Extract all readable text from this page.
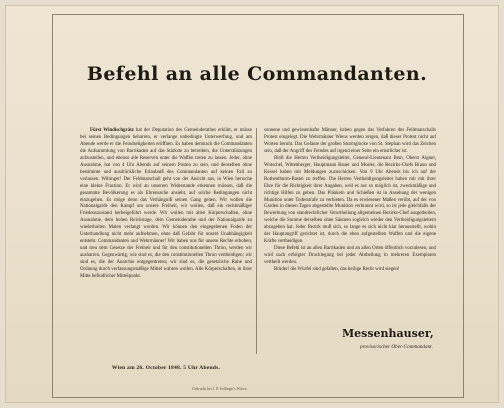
Befehl an alle Commandanten.

Fürst Windischgrätz hat der Deputation des Gemeinderathes erklärt, er müsse bei seinen Bedingungen beharren, er verlange unbedingte Unterwerfung, und am Abende werde er die Feindseligkeiten eröffnen. Es haben demnach die Commandanten die Aufsammlung von Barrikaden auf das Stärkste zu betreiben, die Unterstützungen aufzustellen, und ebenso alle Reserven unter die Waffen treten zu lassen. Jeder, ohne Ausnahme, hat von 4 Uhr Abends auf seinem Posten zu sein, und denselben ohne bestimmte und ausdrückliche Erlaubniß des Commandanten auf keinen Fall zu verlassen. Wiltinger! Der Feldmarschall geht von der Ansicht aus, in Wien herrsche eine kleine Fraction. Er wird an unserem Widerstande erkennen müssen, daß die gesammte Bevölkerung es als Ehrensache ansieht, auf solche Bedingungen nicht einzugehen. Es möge denn das Verhängniß seinen Gang gehen. Wir wollen die Nationalgarde den Kampf um unsere Freiheit, wir wollen, daß ein rechtmäßiger Friedenszustand herbeigeführt werde. Wir wollen mit allen Körperschaften, ohne Ausnahme, dem hohen Reichstage, dem Gemeinderathe und der Nationalgarde zu wiederholten Malen verlangt worden. Wir können den eingegebenen Foden der Unterhandlung nicht mehr aufnehmen, ohne daß Gefahr für unsere Unabhängigkeit entsteht. Commandanten und Wehrmänner! Wir haben uns für unsere Rechte erhoben, und treu dem Gesetze der Freiheit und für den constitutionellen Thron, werden wir ausharren. Gegenwärtig, wie sind es, die den constitutionellen Thron vertheidigen; wir sind es, die der Anarchie entgegentreten; wir sind es, die gesetzliche Ruhe und Ordnung durch verfassungsmäßige Mittel wahren wollen. Alle Körperschaften, in ihrer Mitte befindlicher Mittelpunkt.

sonnene und gewissenhafte Männer, haben gegen das Verfahren des Feldmarschalls Protest eingelegt. Die Wehrmänner Wiens werden zeigen, daß dieser Protest nicht auf Worten beruht. Das Geläute der großen Sturmglocke von St. Stephan wird das Zeichen sein, daß der Angriff des Feindes auf irgend einer Seite ein ernstlicher ist.

Bloß die Herren Vertheidigungsleiter, General-Lieutenant Bem, Oberst Aigner, Wutschel, Wittenberger, Hauptmann Bauer und Mosler, die Bezirks-Chefs Braun und Kessel haben mir Meldungen zuzuschicken. Von 9 Uhr Abends bis ich auf der Rothenthurm-Bastei zu treffen. Die Herren Vertheidigungsleiter haben mir mit ihrer Ehre für die Richtigkeit ihrer Angaben, weil es nur so möglich ist, zweckmäßige und richtige Hilfen zu geben. Das Plänkeln und Schießen ist in Ansehung der wenigen Munition unter Todesstrafe zu verbieten. Da es erwiesener Maßen verübt, auf der von Garden in diesen Tagen abgestellte Munition verbrannt wird, so ist jede gleichfalls der Bewerbung von standrechtlicher Verurtheilung allgemeinen Bezirks-Chef ausgetheilen, welche die Summe derselben ohne Säumen sogleich wieder den Vertheidigungsleitern abzugeben hat. Jeder Bezirk muß sich, so lange es sich nicht klar herausstellt, wohin der Hauptangriff gerichtet ist, durch die eben aufgestellten Waffen und die eigene Kräfte vertheidigen.

Diese Befehl ist an allen Barrikaden und an allen Orten öffentlich vorzulesen, und wird nach erfolgter Drucklegung bei jeder Abtheilung in mehreren Exemplaren vertheilt werden.

Brüder! die Würfel sind gefallen, das heilige Recht wird siegen!

Wien am 26. October 1848. 5 Uhr Abends.
Messenhauser,
provisorischer Ober-Commandant.
Gedruckt bei J. P. Sollinger's Witwe.
